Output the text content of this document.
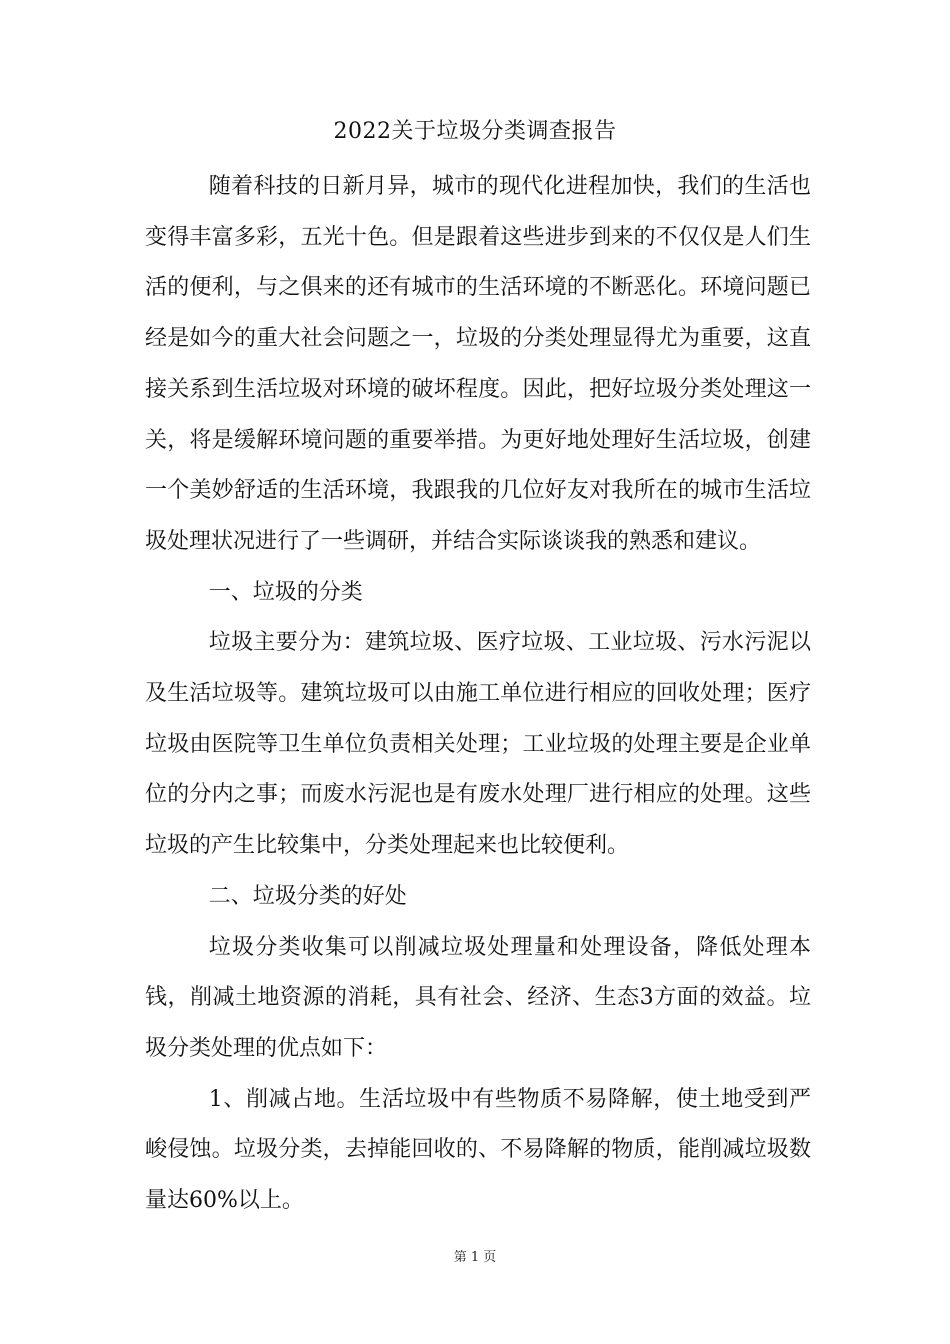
2022关于垃圾分类调查报告

随着科技的日新月异，城市的现代化进程加快，我们的生活也变得丰富多彩，五光十色。但是跟着这些进步到来的不仅仅是人们生活的便利，与之俱来的还有城市的生活环境的不断恶化。环境问题已经是如今的重大社会问题之一，垃圾的分类处理显得尤为重要，这直接关系到生活垃圾对环境的破坏程度。因此，把好垃圾分类处理这一关，将是缓解环境问题的重要举措。为更好地处理好生活垃圾，创建一个美妙舒适的生活环境，我跟我的几位好友对我所在的城市生活垃圾处理状况进行了一些调研，并结合实际谈谈我的熟悉和建议。

一、垃圾的分类

垃圾主要分为：建筑垃圾、医疗垃圾、工业垃圾、污水污泥以及生活垃圾等。建筑垃圾可以由施工单位进行相应的回收处理；医疗垃圾由医院等卫生单位负责相关处理；工业垃圾的处理主要是企业单位的分内之事；而废水污泥也是有废水处理厂进行相应的处理。这些垃圾的产生比较集中，分类处理起来也比较便利。

二、垃圾分类的好处

垃圾分类收集可以削减垃圾处理量和处理设备，降低处理本钱，削减土地资源的消耗，具有社会、经济、生态3方面的效益。垃圾分类处理的优点如下：

1、削减占地。生活垃圾中有些物质不易降解，使土地受到严峻侵蚀。垃圾分类，去掉能回收的、不易降解的物质，能削减垃圾数量达60%以上。

第 1 页
